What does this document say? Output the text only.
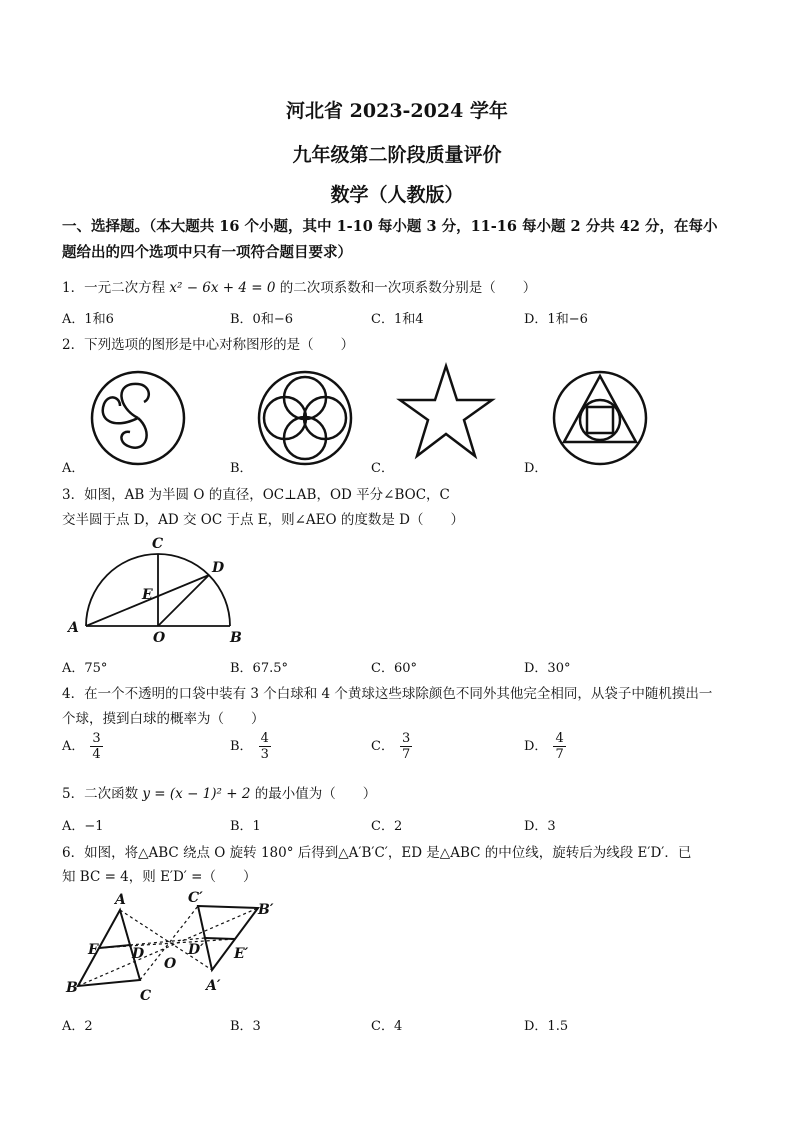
河北省 2023-2024 学年
九年级第二阶段质量评价
数学（人教版）
一、选择题。（本大题共 16 个小题，其中 1-10 每小题 3 分，11-16 每小题 2 分共 42 分，在每小
题给出的四个选项中只有一项符合题目要求）
1．一元二次方程 x² − 6x + 4 = 0 的二次项系数和一次项系数分别是（　　）
A．1和6	B．0和−6	C．1和4	D．1和−6
2．下列选项的图形是中心对称图形的是（　　）
A．	B．	C．	D．
3．如图，AB 为半圆 O 的直径，OC⊥AB，OD 平分∠BOC，C
交半圆于点 D，AD 交 OC 于点 E，则∠AEO 的度数是 D（　　）
C
D
E
A
O	B
A．75°	B．67.5°	C．60°	D．30°
4．在一个不透明的口袋中装有 3 个白球和 4 个黄球这些球除颜色不同外其他完全相同，从袋子中随机摸出一
个球，摸到白球的概率为（　　）
A． $\frac{3}{4}$	B． $\frac{4}{3}$	C． $\frac{3}{7}$	D． $\frac{4}{7}$
5．二次函数 y = (x − 1)² + 2 的最小值为（　　）
A．−1	B．1	C．2	D．3
6．如图，将△ABC 绕点 O 旋转 180° 后得到△A′B′C′，ED 是△ABC 的中位线，旋转后为线段 E′D′．已
知 BC = 4，则 E′D′ =（　　）
A
E D
O
B	C
C′
B′
D′ E′
A′
A．2	B．3	C．4	D．1.5
